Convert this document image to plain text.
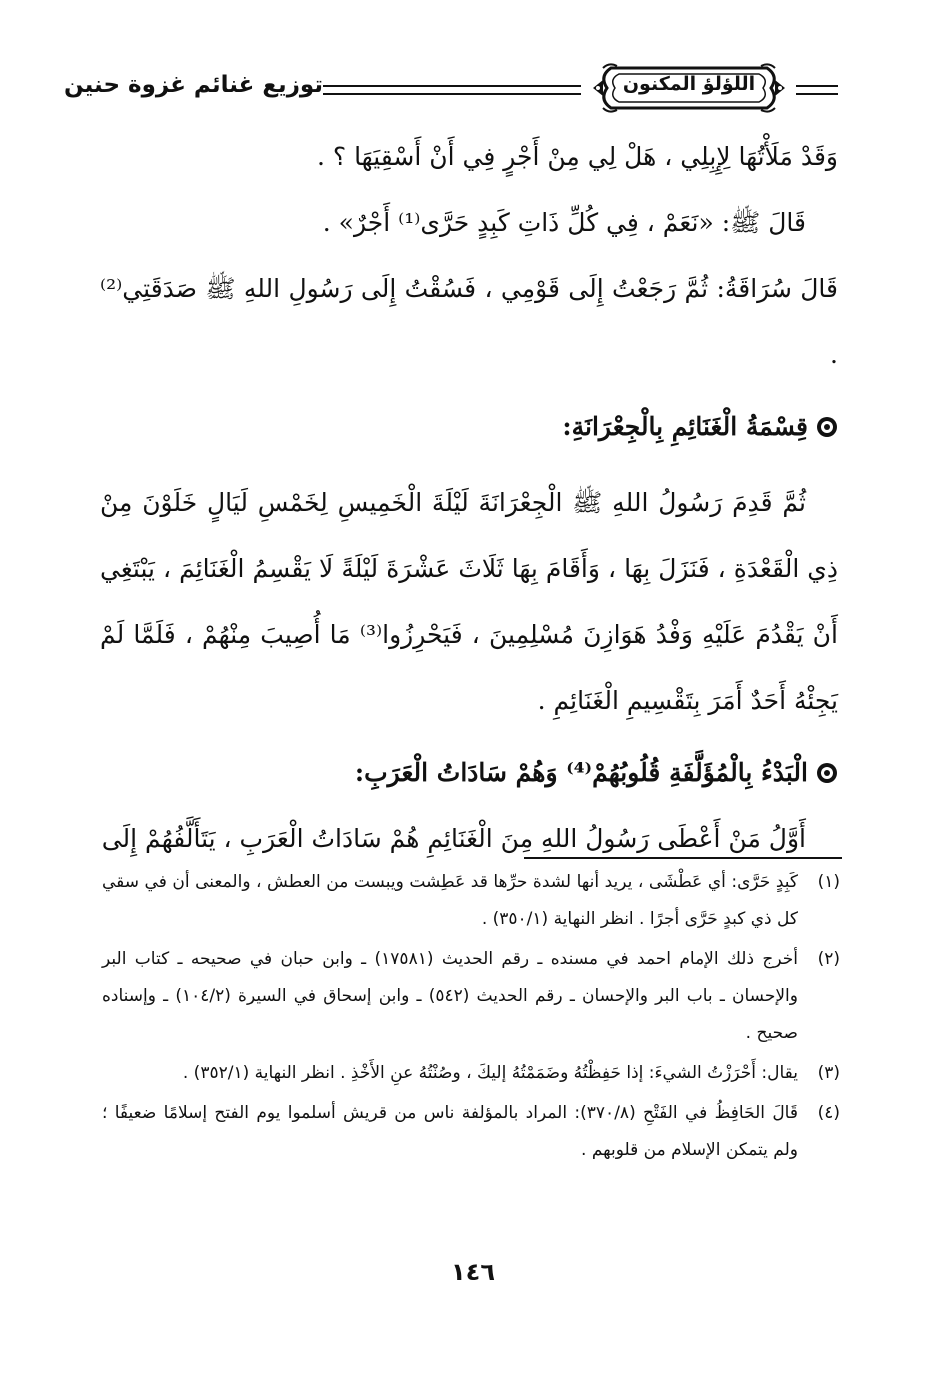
اللؤلؤ المكنون
توزيع غنائم غزوة حنين

وَقَدْ مَلَأْتُهَا لِإِبِلِي ، هَلْ لِي مِنْ أَجْرٍ فِي أَنْ أَسْقِيَهَا ؟ .

قَالَ ﷺ: «نَعَمْ ، فِي كُلِّ ذَاتِ كَبِدٍ حَرَّى⁽¹⁾ أَجْرٌ» .

قَالَ سُرَاقَةُ: ثُمَّ رَجَعْتُ إِلَى قَوْمِي ، فَسُقْتُ إِلَى رَسُولِ اللهِ ﷺ صَدَقَتِي⁽²⁾ .

قِسْمَةُ الْغَنَائِمِ بِالْجِعْرَانَةِ:

ثُمَّ قَدِمَ رَسُولُ اللهِ ﷺ الْجِعْرَانَةَ لَيْلَةَ الْخَمِيسِ لِخَمْسِ لَيَالٍ خَلَوْنَ مِنْ ذِي الْقَعْدَةِ ، فَنَزَلَ بِهَا ، وَأَقَامَ بِهَا ثَلَاثَ عَشْرَةَ لَيْلَةً لَا يَقْسِمُ الْغَنَائِمَ ، يَبْتَغِي أَنْ يَقْدُمَ عَلَيْهِ وَفْدُ هَوَازِنَ مُسْلِمِينَ ، فَيَحْرِزُوا⁽³⁾ مَا أُصِيبَ مِنْهُمْ ، فَلَمَّا لَمْ يَجِئْهُ أَحَدٌ أَمَرَ بِتَقْسِيمِ الْغَنَائِمِ .

الْبَدْءُ بِالْمُؤَلَّفَةِ قُلُوبُهُمْ⁽⁴⁾ وَهُمْ سَادَاتُ الْعَرَبِ:

أَوَّلُ مَنْ أَعْطَى رَسُولُ اللهِ مِنَ الْغَنَائِمِ هُمْ سَادَاتُ الْعَرَبِ ، يَتَأَلَّفُهُمْ إِلَى

(١)
كَبِدٍ حَرَّى: أي عَطْشَى ، يريد أنها لشدة حرِّها قد عَطِشت ويبست من العطش ، والمعنى أن في سقي كل ذي كبدٍ حَرَّى أجرًا . انظر النهاية (٣٥٠/١) .
(٢)
أخرج ذلك الإمام احمد في مسنده ـ رقم الحديث (١٧٥٨١) ـ وابن حبان في صحيحه ـ كتاب البر والإحسان ـ باب البر والإحسان ـ رقم الحديث (٥٤٢) ـ وابن إسحاق في السيرة (١٠٤/٢) ـ وإسناده صحيح .
(٣)
يقال: أَحْرَزْتُ الشيءَ: إذا حَفِظْتُهُ وضَمَمْتُهُ إليكَ ، وصُنْتُهُ عنِ الأَخْذِ . انظر النهاية (٣٥٢/١) .
(٤)
قَالَ الحَافِظُ في الفَتْحِ (٣٧٠/٨): المراد بالمؤلفة ناس من قريش أسلموا يوم الفتح إسلامًا ضعيفًا ؛ ولم يتمكن الإسلام من قلوبهم .
١٤٦
